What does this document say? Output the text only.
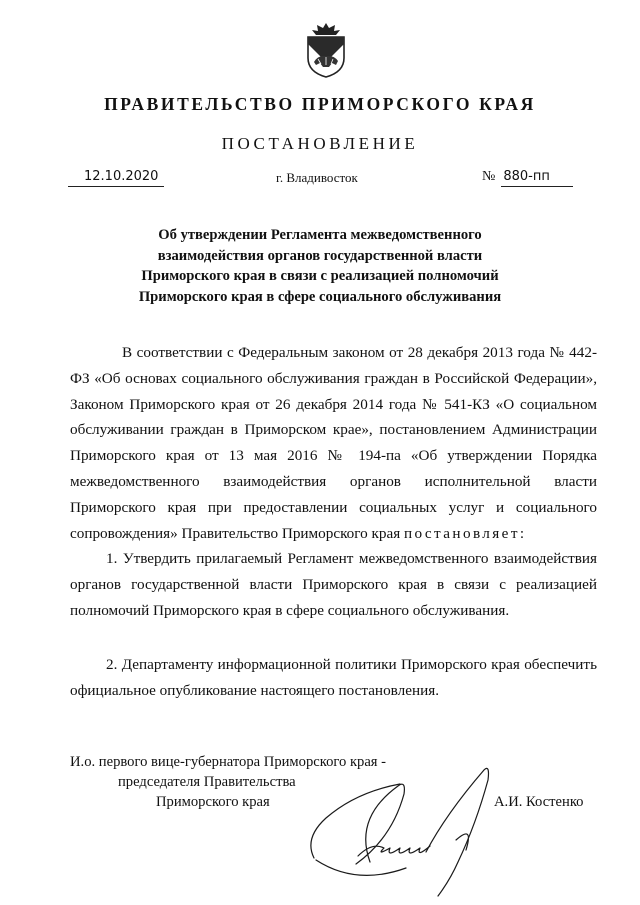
ПРАВИТЕЛЬСТВО ПРИМОРСКОГО КРАЯ
ПОСТАНОВЛЕНИЕ
12.10.2020	г. Владивосток	№ 880-пп
Об утверждении Регламента межведомственного
взаимодействия органов государственной власти
Приморского края в связи с реализацией полномочий
Приморского края в сфере социального обслуживания
В соответствии с Федеральным законом от 28 декабря 2013 года № 442-ФЗ «Об основах социального обслуживания граждан в Российской Федерации», Законом Приморского края от 26 декабря 2014 года № 541-КЗ «О социальном обслуживании граждан в Приморском крае», постановлением Администрации Приморского края от 13 мая 2016 № 194-па «Об утверждении Порядка межведомственного взаимодействия органов исполнительной власти Приморского края при предоставлении социальных услуг и социального сопровождения» Правительство Приморского края постановляет:
1. Утвердить прилагаемый Регламент межведомственного взаимодействия органов государственной власти Приморского края в связи с реализацией полномочий Приморского края в сфере социального обслуживания.
2. Департаменту информационной политики Приморского края обеспечить официальное опубликование настоящего постановления.
И.о. первого вице-губернатора Приморского края -
председателя Правительства
Приморского края	А.И. Костенко
